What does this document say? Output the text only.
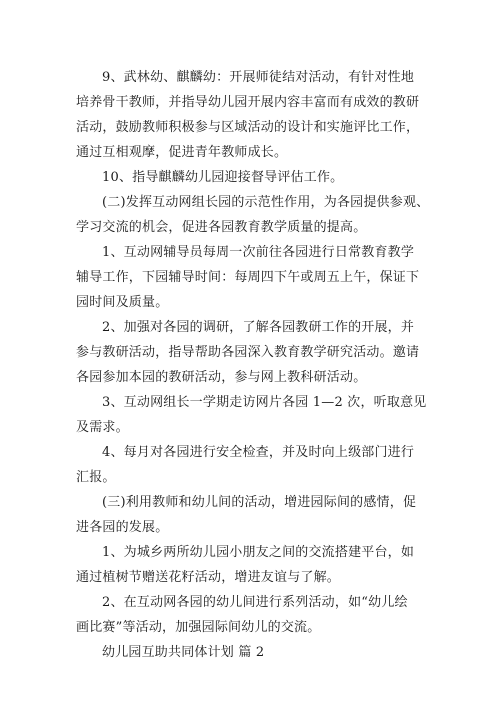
9、武林幼、麒麟幼：开展师徒结对活动，有针对性地
培养骨干教师，并指导幼儿园开展内容丰富而有成效的教研
活动，鼓励教师积极参与区域活动的设计和实施评比工作，
通过互相观摩，促进青年教师成长。
10、指导麒麟幼儿园迎接督导评估工作。
(二)发挥互动网组长园的示范性作用，为各园提供参观、
学习交流的机会，促进各园教育教学质量的提高。
1、互动网辅导员每周一次前往各园进行日常教育教学
辅导工作，下园辅导时间：每周四下午或周五上午，保证下
园时间及质量。
2、加强对各园的调研，了解各园教研工作的开展，并
参与教研活动，指导帮助各园深入教育教学研究活动。邀请
各园参加本园的教研活动，参与网上教科研活动。
3、互动网组长一学期走访网片各园 1—2 次，听取意见
及需求。
4、每月对各园进行安全检查，并及时向上级部门进行
汇报。
(三)利用教师和幼儿间的活动，增进园际间的感情，促
进各园的发展。
1、为城乡两所幼儿园小朋友之间的交流搭建平台，如
通过植树节赠送花籽活动，增进友谊与了解。
2、在互动网各园的幼儿间进行系列活动，如“幼儿绘
画比赛”等活动，加强园际间幼儿的交流。
幼儿园互助共同体计划 篇 2
